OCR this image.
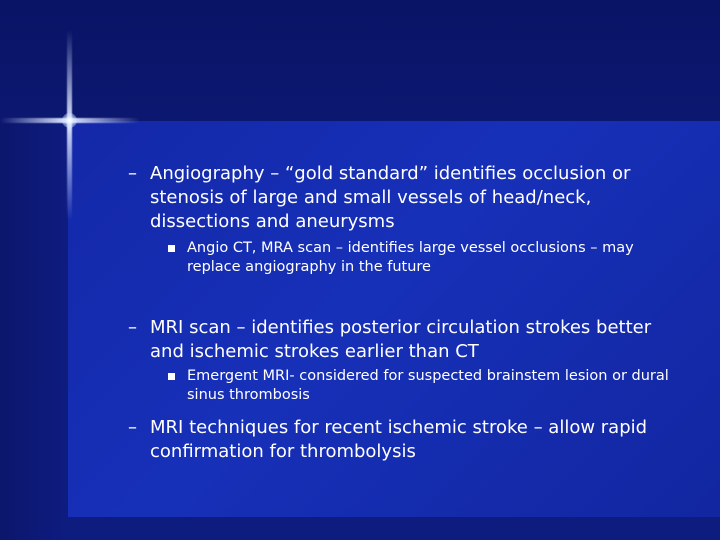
– Angiography – “gold standard” identifies occlusion or stenosis of large and small vessels of head/neck, dissections and aneurysms
Angio CT, MRA scan – identifies large vessel occlusions – may replace angiography in the future
– MRI scan – identifies posterior circulation strokes better and ischemic strokes earlier than CT
Emergent MRI- considered for suspected brainstem lesion or dural sinus thrombosis
– MRI techniques for recent ischemic stroke – allow rapid confirmation for thrombolysis
